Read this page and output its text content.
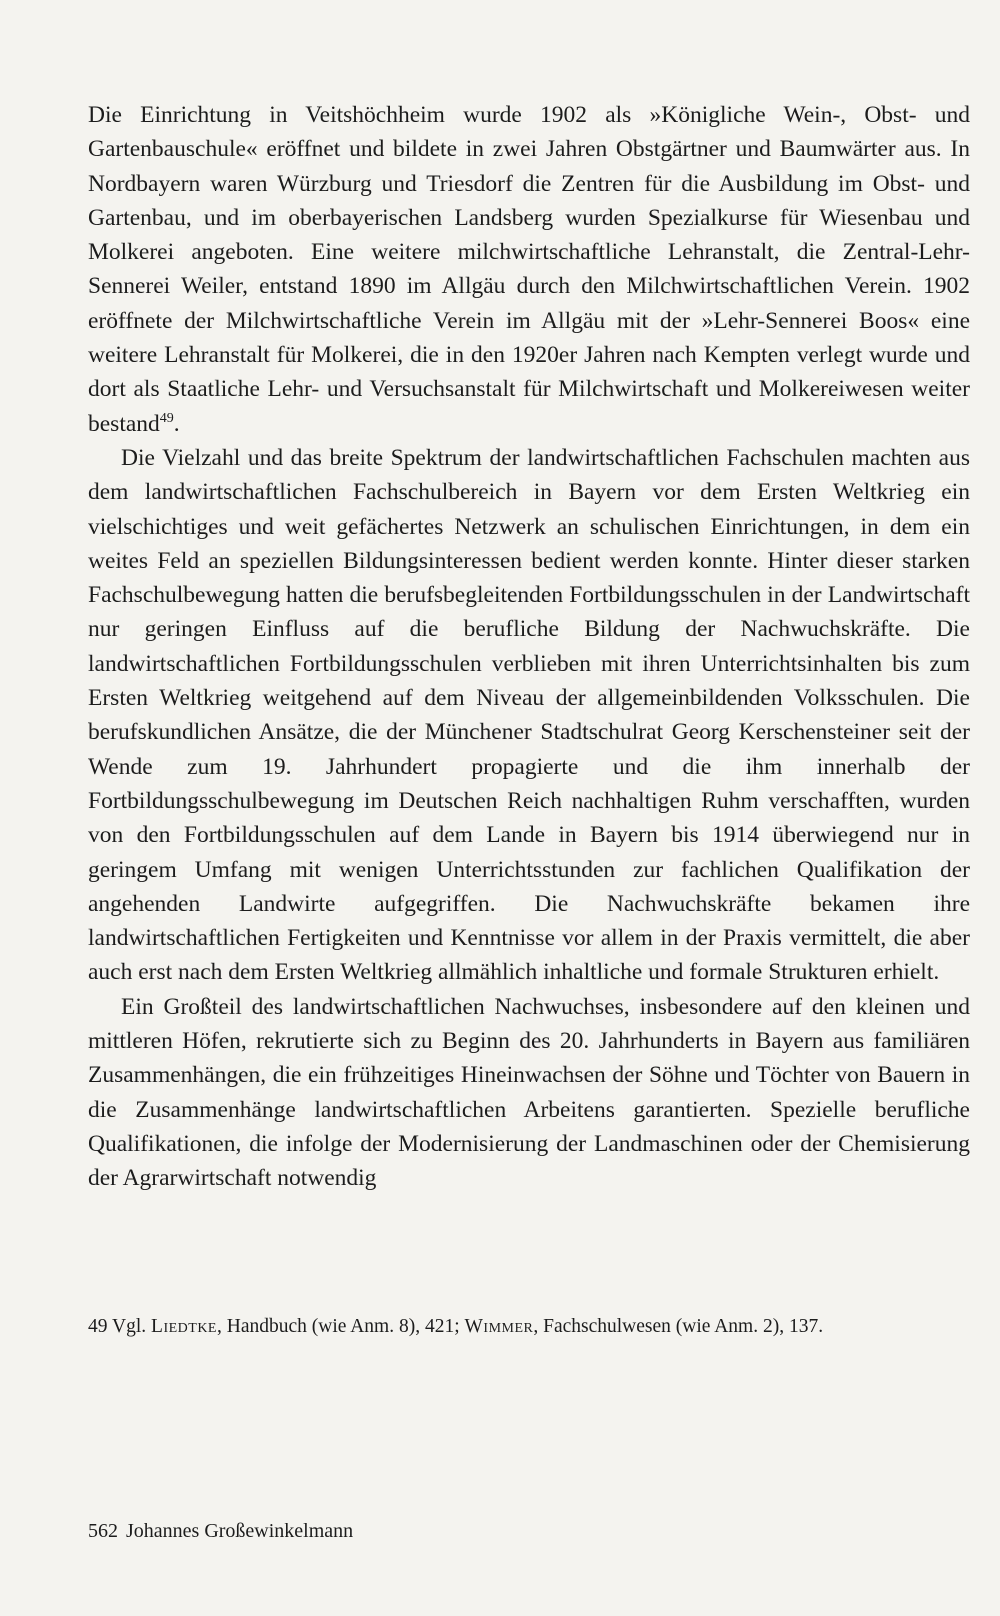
Die Einrichtung in Veitshöchheim wurde 1902 als »Königliche Wein-, Obst- und Gartenbauschule« eröffnet und bildete in zwei Jahren Obstgärtner und Baumwärter aus. In Nordbayern waren Würzburg und Triesdorf die Zentren für die Ausbildung im Obst- und Gartenbau, und im oberbayerischen Landsberg wurden Spezialkurse für Wiesenbau und Molkerei angeboten. Eine weitere milchwirtschaftliche Lehranstalt, die Zentral-Lehr-Sennerei Weiler, entstand 1890 im Allgäu durch den Milchwirtschaftlichen Verein. 1902 eröffnete der Milchwirtschaftliche Verein im Allgäu mit der »Lehr-Sennerei Boos« eine weitere Lehranstalt für Molkerei, die in den 1920er Jahren nach Kempten verlegt wurde und dort als Staatliche Lehr- und Versuchsanstalt für Milchwirtschaft und Molkereiwesen weiter bestand$^{49}$.

Die Vielzahl und das breite Spektrum der landwirtschaftlichen Fachschulen machten aus dem landwirtschaftlichen Fachschulbereich in Bayern vor dem Ersten Weltkrieg ein vielschichtiges und weit gefächertes Netzwerk an schulischen Einrichtungen, in dem ein weites Feld an speziellen Bildungsinteressen bedient werden konnte. Hinter dieser starken Fachschulbewegung hatten die berufsbegleitenden Fortbildungsschulen in der Landwirtschaft nur geringen Einfluss auf die berufliche Bildung der Nachwuchskräfte. Die landwirtschaftlichen Fortbildungsschulen verblieben mit ihren Unterrichtsinhalten bis zum Ersten Weltkrieg weitgehend auf dem Niveau der allgemeinbildenden Volksschulen. Die berufskundlichen Ansätze, die der Münchener Stadtschulrat Georg Kerschensteiner seit der Wende zum 19. Jahrhundert propagierte und die ihm innerhalb der Fortbildungsschulbewegung im Deutschen Reich nachhaltigen Ruhm verschafften, wurden von den Fortbildungsschulen auf dem Lande in Bayern bis 1914 überwiegend nur in geringem Umfang mit wenigen Unterrichtsstunden zur fachlichen Qualifikation der angehenden Landwirte aufgegriffen. Die Nachwuchskräfte bekamen ihre landwirtschaftlichen Fertigkeiten und Kenntnisse vor allem in der Praxis vermittelt, die aber auch erst nach dem Ersten Weltkrieg allmählich inhaltliche und formale Strukturen erhielt.

Ein Großteil des landwirtschaftlichen Nachwuchses, insbesondere auf den kleinen und mittleren Höfen, rekrutierte sich zu Beginn des 20. Jahrhunderts in Bayern aus familiären Zusammenhängen, die ein frühzeitiges Hineinwachsen der Söhne und Töchter von Bauern in die Zusammenhänge landwirtschaftlichen Arbeitens garantierten. Spezielle berufliche Qualifikationen, die infolge der Modernisierung der Landmaschinen oder der Chemisierung der Agrarwirtschaft notwendig

49 Vgl. Liedtke, Handbuch (wie Anm. 8), 421; Wimmer, Fachschulwesen (wie Anm. 2), 137.

562 Johannes Großewinkelmann
